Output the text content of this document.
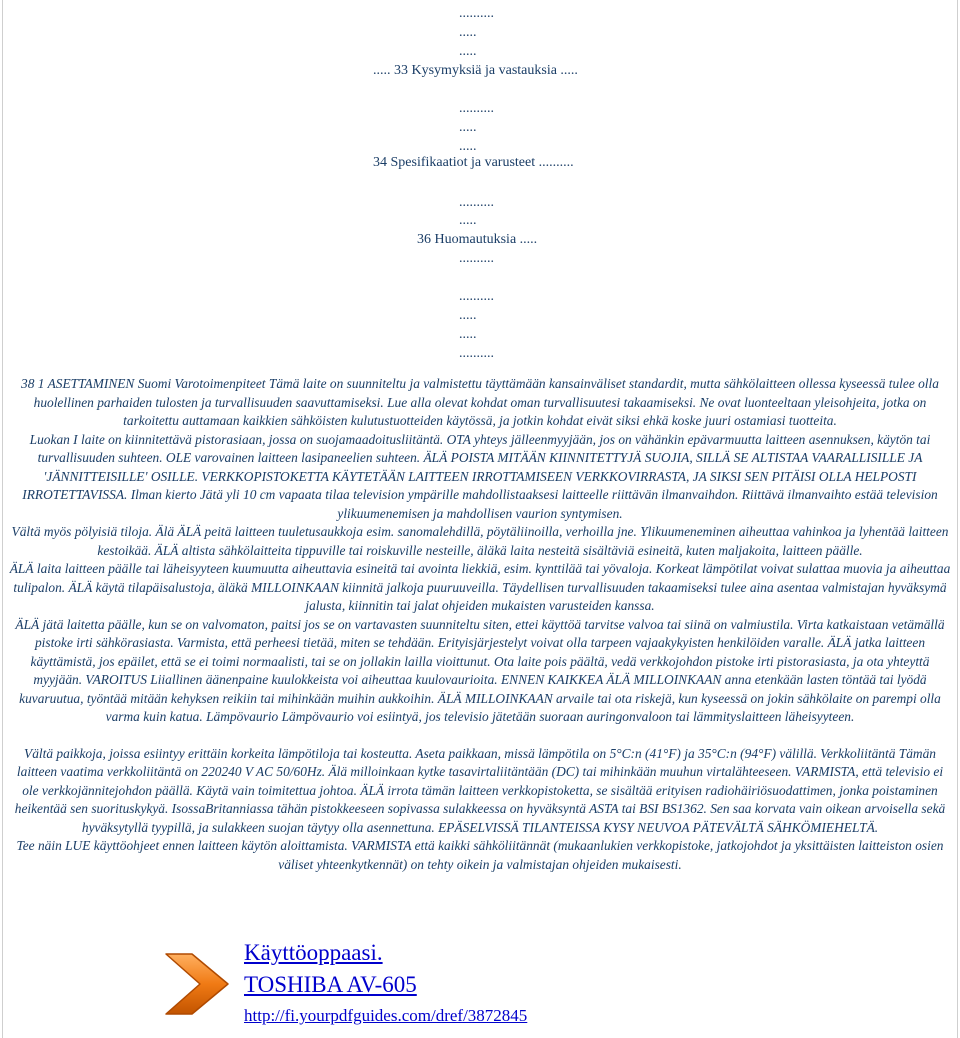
..........
.....
.....
..... 33 Kysymyksiä ja vastauksia .....
..........
.....
.....
34 Spesifikaatiot ja varusteet ..........
..........
.....
36 Huomautuksia .....
..........
..........
.....
.....
..........

38 1 ASETTAMINEN Suomi Varotoimenpiteet Tämä laite on suunniteltu ja valmistettu täyttämään kansainväliset standardit, mutta sähkölaitteen ollessa kyseessä tulee olla huolellinen parhaiden tulosten ja turvallisuuden saavuttamiseksi. Lue alla olevat kohdat oman turvallisuutesi takaamiseksi. Ne ovat luonteeltaan yleisohjeita, jotka on tarkoitettu auttamaan kaikkien sähköisten kulutustuotteiden käytössä, ja jotkin kohdat eivät siksi ehkä koske juuri ostamiasi tuotteita.

Luokan I laite on kiinnitettävä pistorasiaan, jossa on suojamaadoitusliitäntä. OTA yhteys jälleenmyyjään, jos on vähänkin epävarmuutta laitteen asennuksen, käytön tai turvallisuuden suhteen. OLE varovainen laitteen lasipaneelien suhteen. ÄLÄ POISTA MITÄÄN KIINNITETTYJÄ SUOJIA, SILLÄ SE ALTISTAA VAARALLISILLE JA 'JÄNNITTEISILLE' OSILLE. VERKKOPISTOKETTA KÄYTETÄÄN LAITTEEN IRROTTAMISEEN VERKKOVIRRASTA, JA SIKSI SEN PITÄISI OLLA HELPOSTI IRROTETTAVISSA. Ilman kierto Jätä yli 10 cm vapaata tilaa television ympärille mahdollistaaksesi laitteelle riittävän ilmanvaihdon. Riittävä ilmanvaihto estää television ylikuumenemisen ja mahdollisen vaurion syntymisen.

Vältä myös pölyisiä tiloja. Älä ÄLÄ peitä laitteen tuuletusaukkoja esim. sanomalehdillä, pöytäliinoilla, verhoilla jne. Ylikuumeneminen aiheuttaa vahinkoa ja lyhentää laitteen kestoikää. ÄLÄ altista sähkölaitteita tippuville tai roiskuville nesteille, äläkä laita nesteitä sisältäviä esineitä, kuten maljakoita, laitteen päälle.

ÄLÄ laita laitteen päälle tai läheisyyteen kuumuutta aiheuttavia esineitä tai avointa liekkiä, esim. kynttilää tai yövaloja. Korkeat lämpötilat voivat sulattaa muovia ja aiheuttaa tulipalon. ÄLÄ käytä tilapäisalustoja, äläkä MILLOINKAAN kiinnitä jalkoja puuruuveilla. Täydellisen turvallisuuden takaamiseksi tulee aina asentaa valmistajan hyväksymä jalusta, kiinnitin tai jalat ohjeiden mukaisten varusteiden kanssa.

ÄLÄ jätä laitetta päälle, kun se on valvomaton, paitsi jos se on vartavasten suunniteltu siten, ettei käyttöä tarvitse valvoa tai siinä on valmiustila. Virta katkaistaan vetämällä pistoke irti sähkörasiasta. Varmista, että perheesi tietää, miten se tehdään. Erityisjärjestelyt voivat olla tarpeen vajaakykyisten henkilöiden varalle. ÄLÄ jatka laitteen käyttämistä, jos epäilet, että se ei toimi normaalisti, tai se on jollakin lailla vioittunut. Ota laite pois päältä, vedä verkkojohdon pistoke irti pistorasiasta, ja ota yhteyttä myyjään. VAROITUS Liiallinen äänenpaine kuulokkeista voi aiheuttaa kuulovaurioita. ENNEN KAIKKEA ÄLÄ MILLOINKAAN anna etenkään lasten töntää tai lyödä kuvaruutua, työntää mitään kehyksen reikiin tai mihinkään muihin aukkoihin. ÄLÄ MILLOINKAAN arvaile tai ota riskejä, kun kyseessä on jokin sähkölaite on parempi olla varma kuin katua. Lämpövaurio Lämpövaurio voi esiintyä, jos televisio jätetään suoraan auringonvaloon tai lämmityslaitteen läheisyyteen.

Vältä paikkoja, joissa esiintyy erittäin korkeita lämpötiloja tai kosteutta. Aseta paikkaan, missä lämpötila on 5°C:n (41°F) ja 35°C:n (94°F) välillä. Verkkoliitäntä Tämän laitteen vaatima verkkoliitäntä on 220240 V AC 50/60Hz. Älä milloinkaan kytke tasavirtaliitäntään (DC) tai mihinkään muuhun virtalähteeseen. VARMISTA, että televisio ei ole verkkojännitejohdon päällä. Käytä vain toimitettua johtoa. ÄLÄ irrota tämän laitteen verkkopistoketta, se sisältää erityisen radiohäiriösuodattimen, jonka poistaminen heikentää sen suorituskykyä. IsossaBritanniassa tähän pistokkeeseen sopivassa sulakkeessa on hyväksyntä ASTA tai BSI BS1362. Sen saa korvata vain oikean arvoisella sekä hyväksytyllä tyypillä, ja sulakkeen suojan täytyy olla asennettuna. EPÄSELVISSÄ TILANTEISSA KYSY NEUVOA PÄTEVÄLTÄ SÄHKÖMIEHELTÄ.

Tee näin LUE käyttöohjeet ennen laitteen käytön aloittamista. VARMISTA että kaikki sähköliitännät (mukaanlukien verkkopistoke, jatkojohdot ja yksittäisten laitteiston osien väliset yhteenkytkennät) on tehty oikein ja valmistajan ohjeiden mukaisesti.

Käyttöoppaasi.
TOSHIBA AV-605
http://fi.yourpdfguides.com/dref/3872845
